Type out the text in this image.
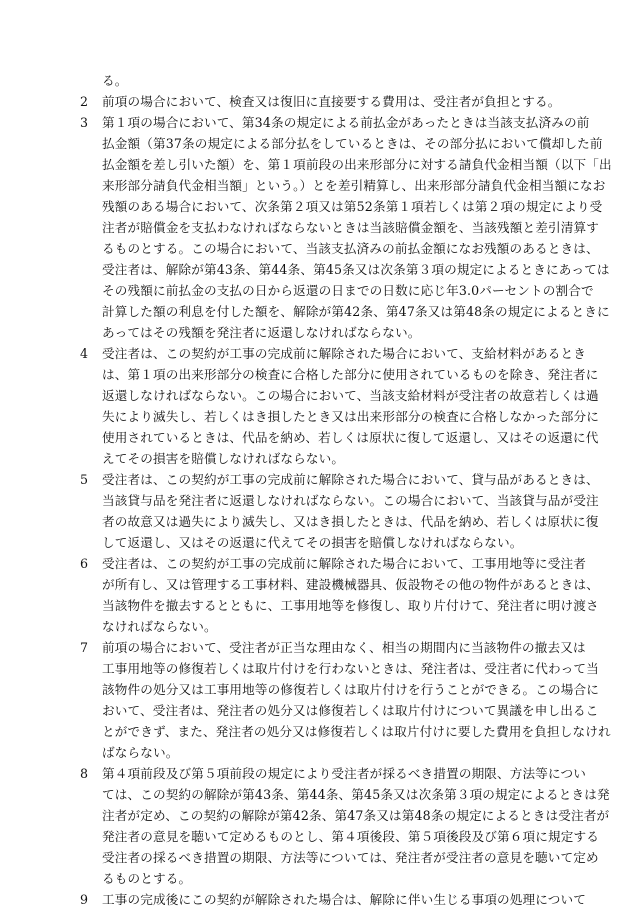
る。
2 前項の場合において、検査又は復旧に直接要する費用は、受注者が負担とする。
3 第１項の場合において、第34条の規定による前払金があったときは当該支払済みの前
払金額（第37条の規定による部分払をしているときは、その部分払において償却した前
払金額を差し引いた額）を、第１項前段の出来形部分に対する請負代金相当額（以下「出
来形部分請負代金相当額」という。）とを差引精算し、出来形部分請負代金相当額になお
残額のある場合において、次条第２項又は第52条第１項若しくは第２項の規定により受
注者が賠償金を支払わなければならないときは当該賠償金額を、当該残額と差引清算す
るものとする。この場合において、当該支払済みの前払金額になお残額のあるときは、
受注者は、解除が第43条、第44条、第45条又は次条第３項の規定によるときにあっては
その残額に前払金の支払の日から返還の日までの日数に応じ年3.0パーセントの割合で
計算した額の利息を付した額を、解除が第42条、第47条又は第48条の規定によるときに
あってはその残額を発注者に返還しなければならない。
4 受注者は、この契約が工事の完成前に解除された場合において、支給材料があるとき
は、第１項の出来形部分の検査に合格した部分に使用されているものを除き、発注者に
返還しなければならない。この場合において、当該支給材料が受注者の故意若しくは過
失により滅失し、若しくはき損したとき又は出来形部分の検査に合格しなかった部分に
使用されているときは、代品を納め、若しくは原状に復して返還し、又はその返還に代
えてその損害を賠償しなければならない。
5 受注者は、この契約が工事の完成前に解除された場合において、貸与品があるときは、
当該貸与品を発注者に返還しなければならない。この場合において、当該貸与品が受注
者の故意又は過失により滅失し、又はき損したときは、代品を納め、若しくは原状に復
して返還し、又はその返還に代えてその損害を賠償しなければならない。
6 受注者は、この契約が工事の完成前に解除された場合において、工事用地等に受注者
が所有し、又は管理する工事材料、建設機械器具、仮設物その他の物件があるときは、
当該物件を撤去するとともに、工事用地等を修復し、取り片付けて、発注者に明け渡さ
なければならない。
7 前項の場合において、受注者が正当な理由なく、相当の期間内に当該物件の撤去又は
工事用地等の修復若しくは取片付けを行わないときは、発注者は、受注者に代わって当
該物件の処分又は工事用地等の修復若しくは取片付けを行うことができる。この場合に
おいて、受注者は、発注者の処分又は修復若しくは取片付けについて異議を申し出るこ
とができず、また、発注者の処分又は修復若しくは取片付けに要した費用を負担しなけれ
ばならない。
8 第４項前段及び第５項前段の規定により受注者が採るべき措置の期限、方法等につい
ては、この契約の解除が第43条、第44条、第45条又は次条第３項の規定によるときは発
注者が定め、この契約の解除が第42条、第47条又は第48条の規定によるときは受注者が
発注者の意見を聴いて定めるものとし、第４項後段、第５項後段及び第６項に規定する
受注者の採るべき措置の期限、方法等については、発注者が受注者の意見を聴いて定め
るものとする。
9 工事の完成後にこの契約が解除された場合は、解除に伴い生じる事項の処理について
